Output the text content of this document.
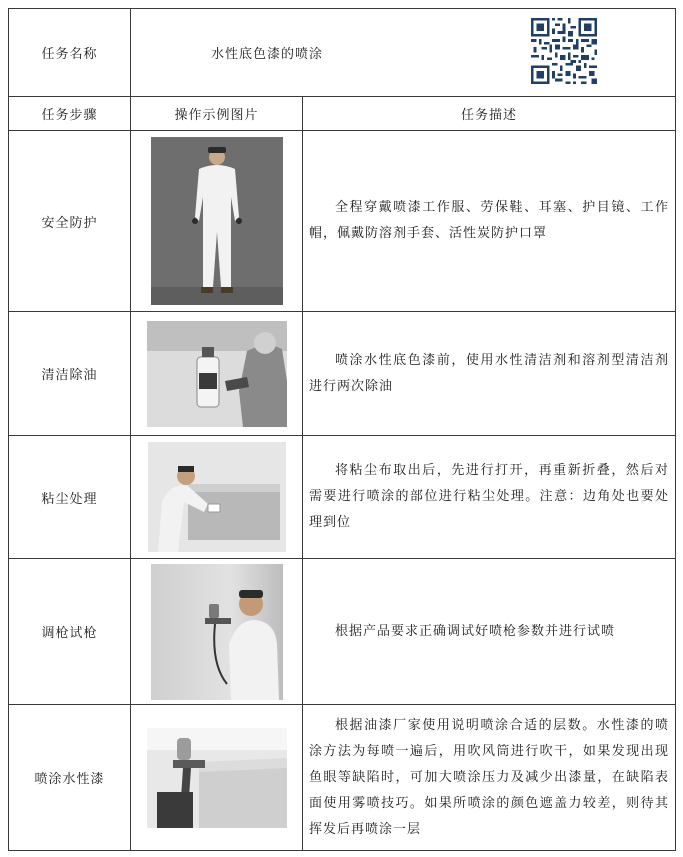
任务名称	水性底色漆的喷涂	

任务步骤	操作示例图片	任务描述
安全防护		全程穿戴喷漆工作服、劳保鞋、耳塞、护目镜、工作帽，佩戴防溶剂手套、活性炭防护口罩

清洁除油		喷涂水性底色漆前，使用水性清洁剂和溶剂型清洁剂进行两次除油

粘尘处理		将粘尘布取出后，先进行打开，再重新折叠，然后对需要进行喷涂的部位进行粘尘处理。注意：边角处也要处理到位

调枪试枪		根据产品要求正确调试好喷枪参数并进行试喷

喷涂水性漆		根据油漆厂家使用说明喷涂合适的层数。水性漆的喷涂方法为每喷一遍后，用吹风筒进行吹干，如果发现出现鱼眼等缺陷时，可加大喷涂压力及减少出漆量，在缺陷表面使用雾喷技巧。如果所喷涂的颜色遮盖力较差，则待其挥发后再喷涂一层
